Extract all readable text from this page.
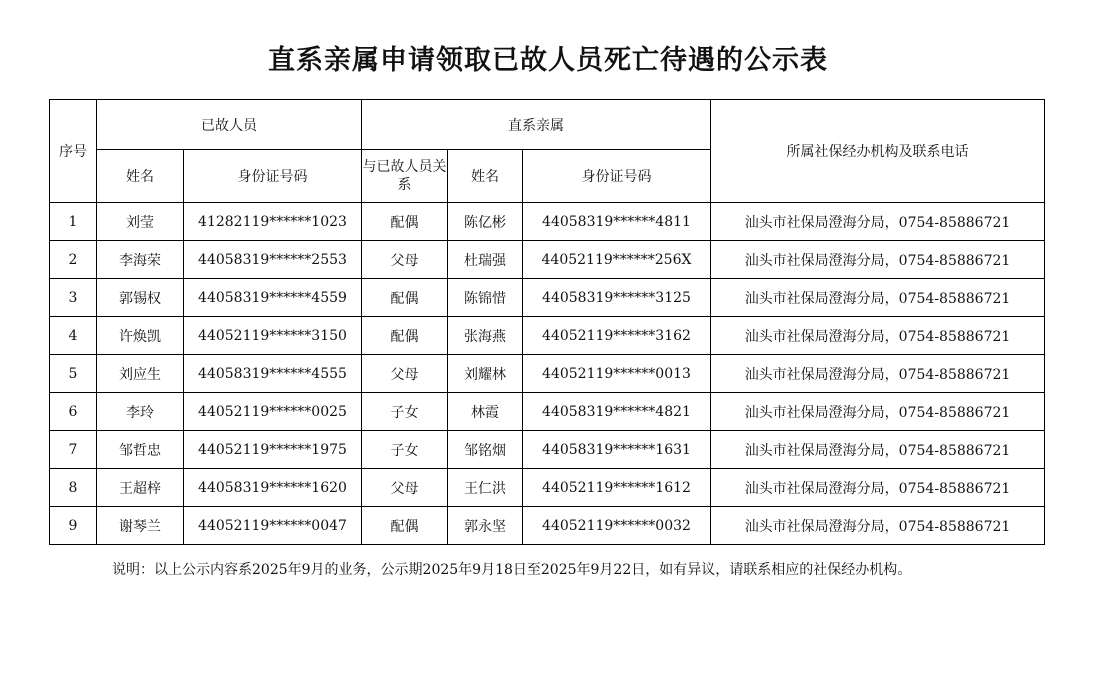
直系亲属申请领取已故人员死亡待遇的公示表
序号	已故人员		直系亲属			所属社保经办机构及联系电话
	姓名	身份证号码	与已故人员关系	姓名	身份证号码	
1	刘莹	41282119******1023	配偶	陈亿彬	44058319******4811	汕头市社保局澄海分局，0754-85886721
2	李海荣	44058319******2553	父母	杜瑞强	44052119******256X	汕头市社保局澄海分局，0754-85886721
3	郭锡权	44058319******4559	配偶	陈锦惜	44058319******3125	汕头市社保局澄海分局，0754-85886721
4	许焕凯	44052119******3150	配偶	张海燕	44052119******3162	汕头市社保局澄海分局，0754-85886721
5	刘应生	44058319******4555	父母	刘耀林	44052119******0013	汕头市社保局澄海分局，0754-85886721
6	李玲	44052119******0025	子女	林霞	44058319******4821	汕头市社保局澄海分局，0754-85886721
7	邹哲忠	44052119******1975	子女	邹铭烟	44058319******1631	汕头市社保局澄海分局，0754-85886721
8	王超梓	44058319******1620	父母	王仁洪	44052119******1612	汕头市社保局澄海分局，0754-85886721
9	谢琴兰	44052119******0047	配偶	郭永坚	44052119******0032	汕头市社保局澄海分局，0754-85886721
说明：以上公示内容系2025年9月的业务，公示期2025年9月18日至2025年9月22日，如有异议，请联系相应的社保经办机构。
